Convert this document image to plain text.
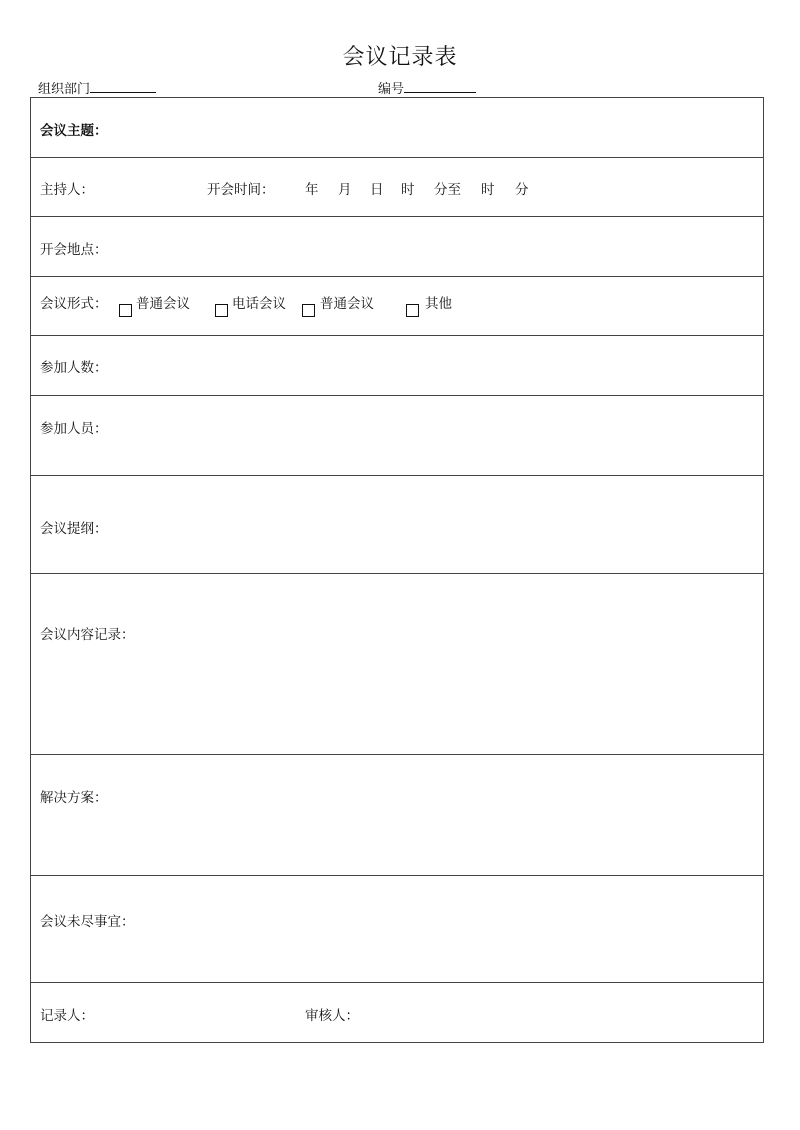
会议记录表
组织部门	编号
会议主题：
主持人：	开会时间： 年 月 日 时 分至 时 分
开会地点：
会议形式： 普通会议	电话会议	普通会议	其他
参加人数：
参加人员：
会议提纲：
会议内容记录：
解决方案：
会议未尽事宜：
记录人：	审核人：
